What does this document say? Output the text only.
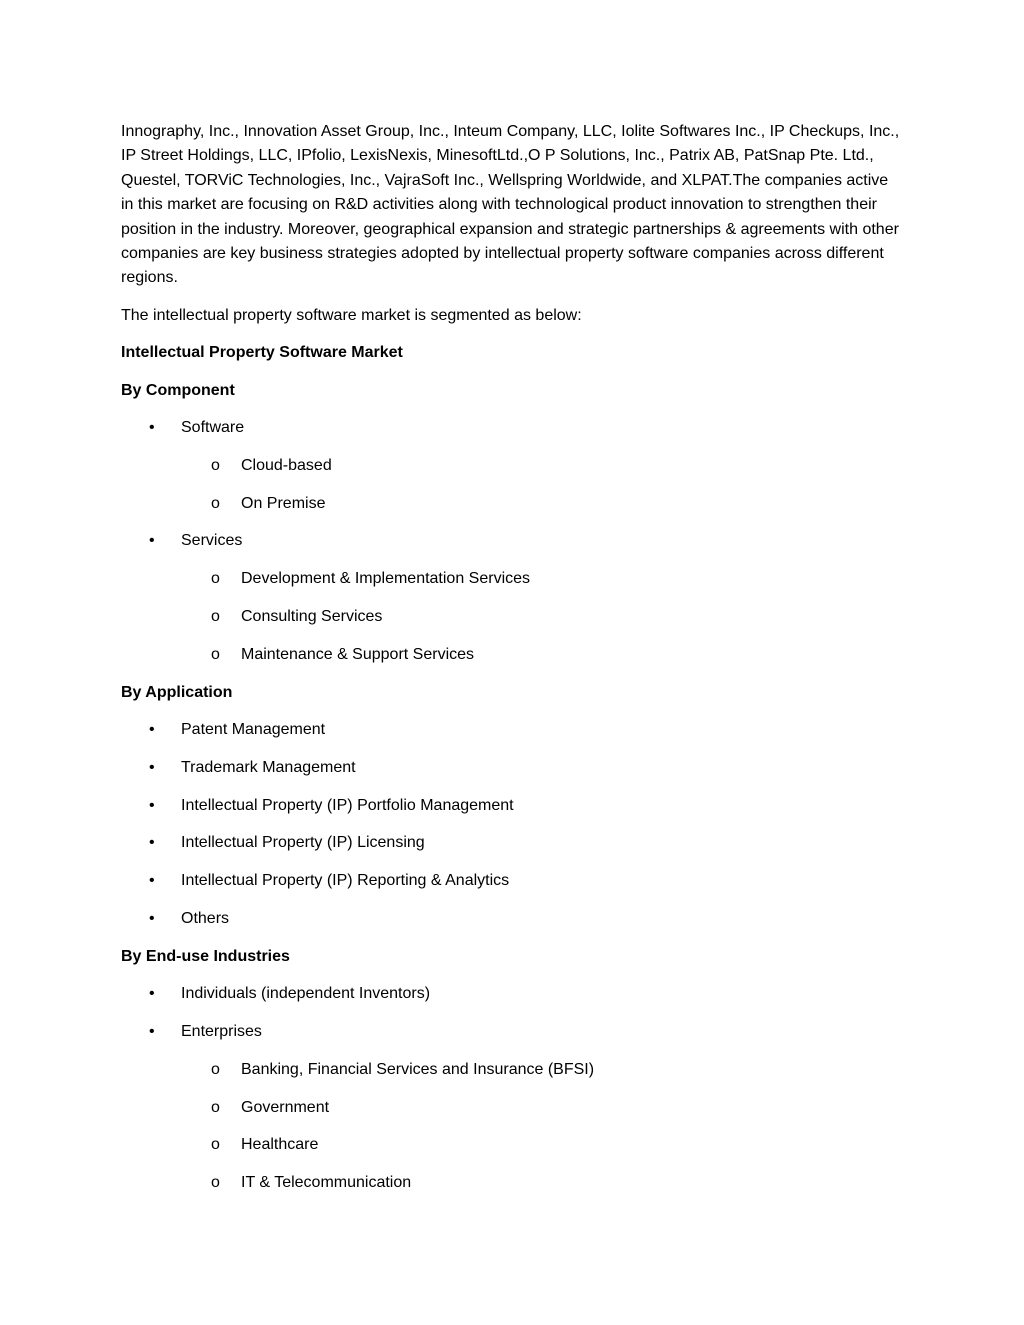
Innography, Inc., Innovation Asset Group, Inc., Inteum Company, LLC, Iolite Softwares Inc., IP Checkups, Inc., IP Street Holdings, LLC, IPfolio, LexisNexis, MinesoftLtd.,O P Solutions, Inc., Patrix AB, PatSnap Pte. Ltd., Questel, TORViC Technologies, Inc., VajraSoft Inc., Wellspring Worldwide, and XLPAT.The companies active in this market are focusing on R&D activities along with technological product innovation to strengthen their position in the industry. Moreover, geographical expansion and strategic partnerships & agreements with other companies are key business strategies adopted by intellectual property software companies across different regions.

The intellectual property software market is segmented as below:

Intellectual Property Software Market

By Component

• Software
o Cloud-based
o On Premise
• Services
o Development & Implementation Services
o Consulting Services
o Maintenance & Support Services

By Application

• Patent Management
• Trademark Management
• Intellectual Property (IP) Portfolio Management
• Intellectual Property (IP) Licensing
• Intellectual Property (IP) Reporting & Analytics
• Others

By End-use Industries

• Individuals (independent Inventors)
• Enterprises
o Banking, Financial Services and Insurance (BFSI)
o Government
o Healthcare
o IT & Telecommunication
